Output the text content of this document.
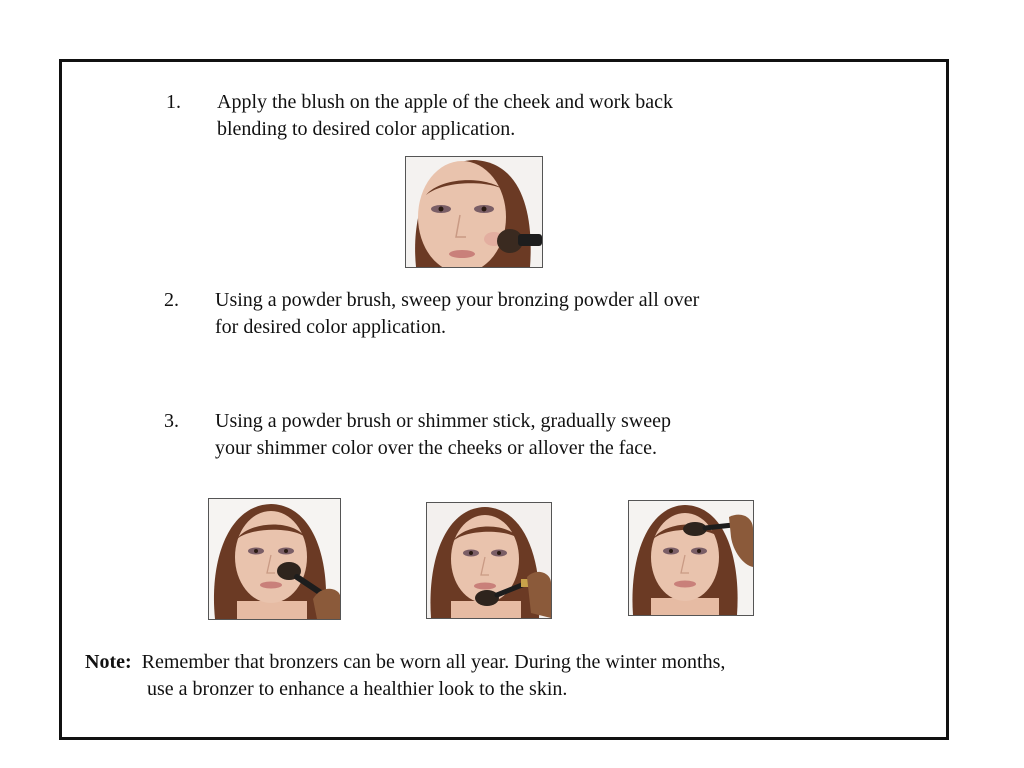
1. Apply the blush on the apple of the cheek and work back
blending to desired color application.
2. Using a powder brush, sweep your bronzing powder all over
for desired color application.
3. Using a powder brush or shimmer stick, gradually sweep
your shimmer color over the cheeks or allover the face.
Note: Remember that bronzers can be worn all year. During the winter months,
use a bronzer to enhance a healthier look to the skin.
